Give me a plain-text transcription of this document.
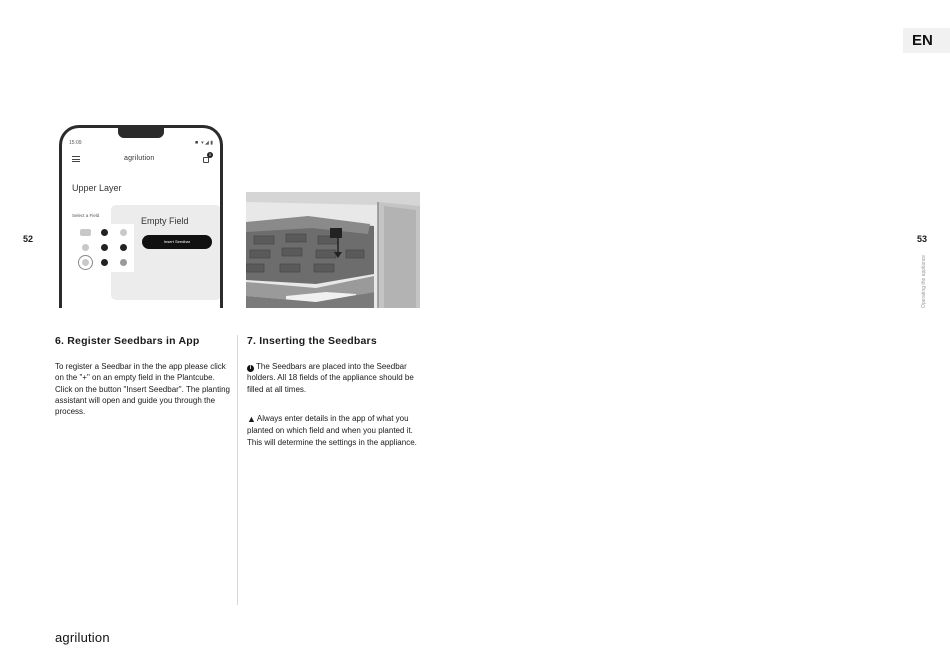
EN
52	53
Operating the appliance
15:09	◾ ▾ ◢ ▮
agrilution
0
Upper Layer
Select a Field
Empty Field
Insert Seedbar
6. Register Seedbars in App
To register a Seedbar in the the app please click on the "+" on an empty field in the Plantcube. Click on the button "Insert Seedbar". The planting assistant will open and guide you through the process.
7. Inserting the Seedbars
i The Seedbars are placed into the Seedbar holders. All 18 fields of the appliance should be filled at all times.
▲Always enter details in the app of what you planted on which field and when you planted it. This will determine the settings in the appliance.
agrilution
